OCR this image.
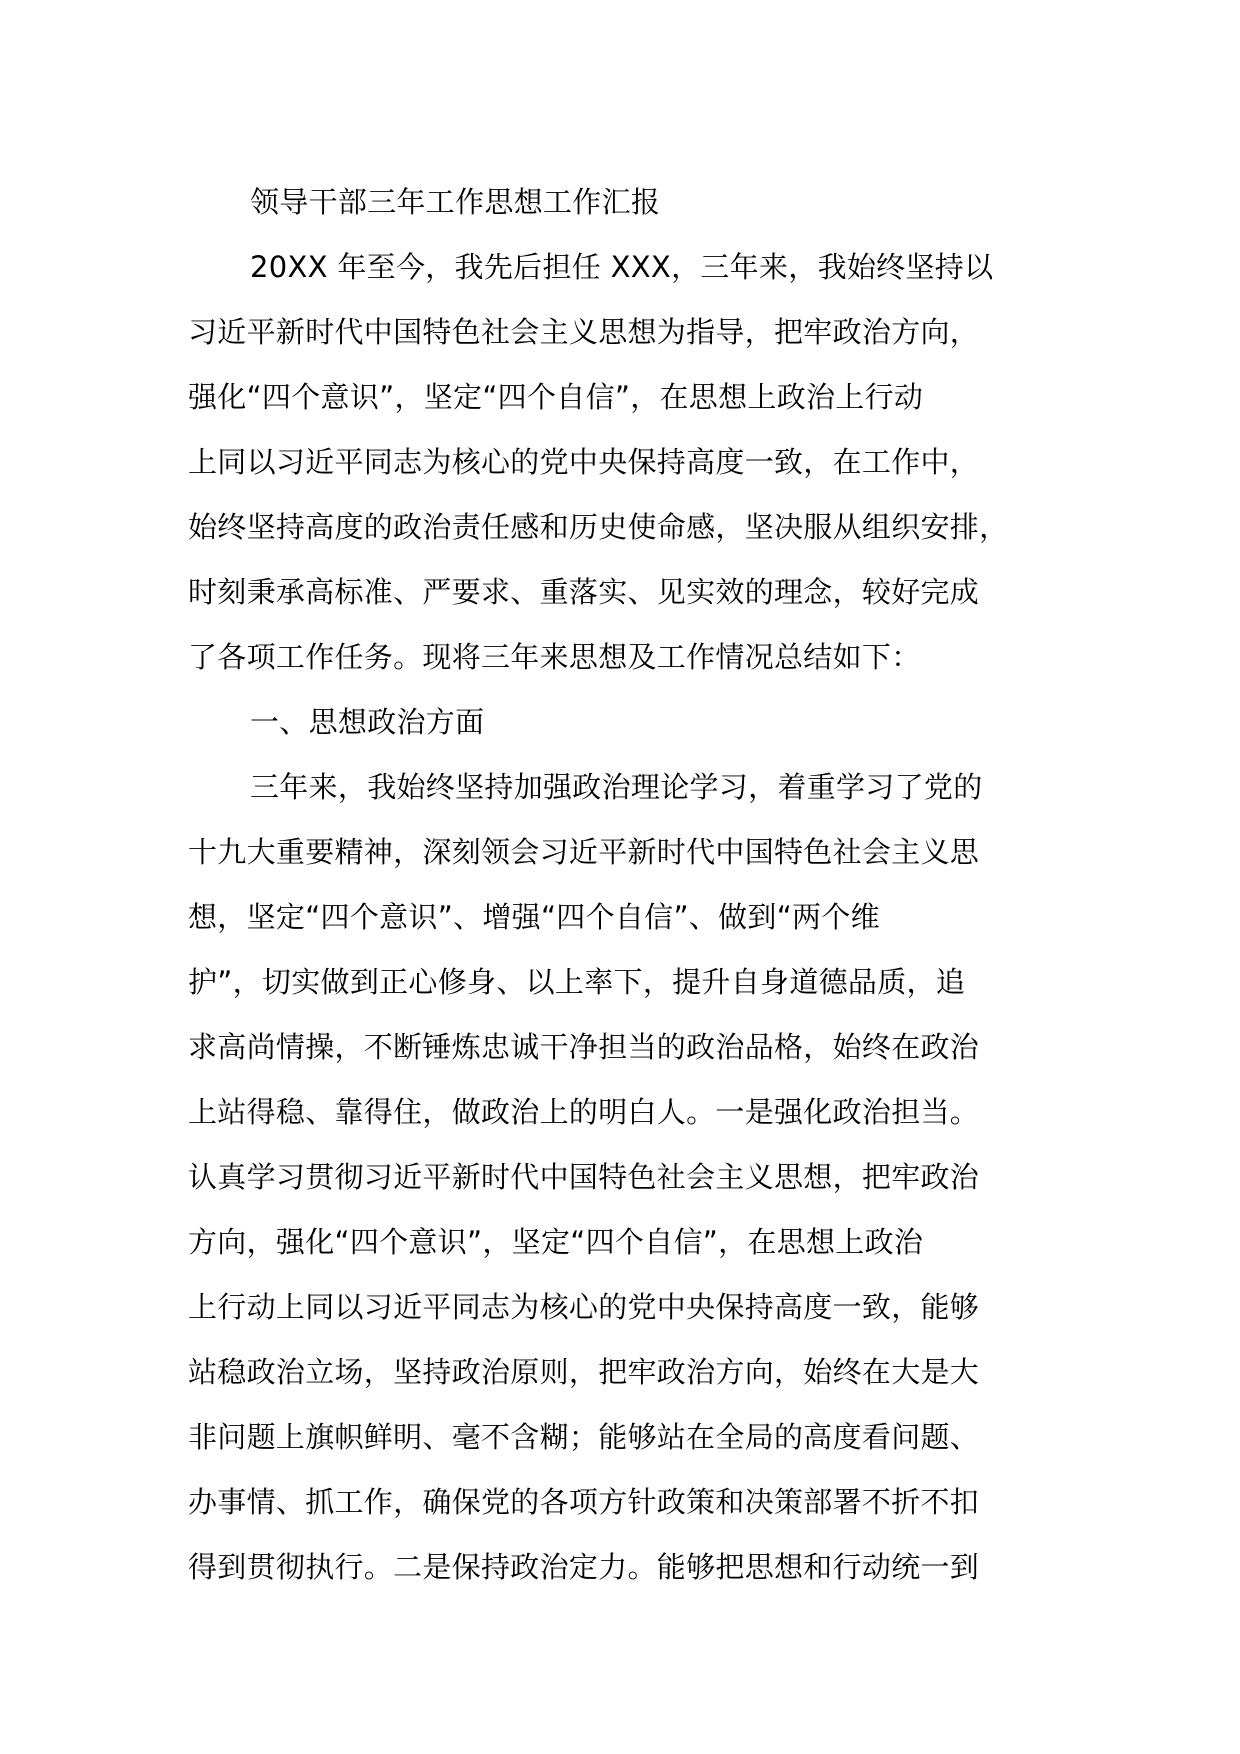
领导干部三年工作思想工作汇报
20XX 年至今，我先后担任 XXX，三年来，我始终坚持以
习近平新时代中国特色社会主义思想为指导，把牢政治方向，
强化“四个意识”，坚定“四个自信”，在思想上政治上行动
上同以习近平同志为核心的党中央保持高度一致，在工作中，
始终坚持高度的政治责任感和历史使命感，坚决服从组织安排，
时刻秉承高标准、严要求、重落实、见实效的理念，较好完成
了各项工作任务。现将三年来思想及工作情况总结如下：
一、思想政治方面
三年来，我始终坚持加强政治理论学习，着重学习了党的
十九大重要精神，深刻领会习近平新时代中国特色社会主义思
想，坚定“四个意识”、增强“四个自信”、做到“两个维
护”，切实做到正心修身、以上率下，提升自身道德品质，追
求高尚情操，不断锤炼忠诚干净担当的政治品格，始终在政治
上站得稳、靠得住，做政治上的明白人。一是强化政治担当。
认真学习贯彻习近平新时代中国特色社会主义思想，把牢政治
方向，强化“四个意识”，坚定“四个自信”，在思想上政治
上行动上同以习近平同志为核心的党中央保持高度一致，能够
站稳政治立场，坚持政治原则，把牢政治方向，始终在大是大
非问题上旗帜鲜明、毫不含糊；能够站在全局的高度看问题、
办事情、抓工作，确保党的各项方针政策和决策部署不折不扣
得到贯彻执行。二是保持政治定力。能够把思想和行动统一到
